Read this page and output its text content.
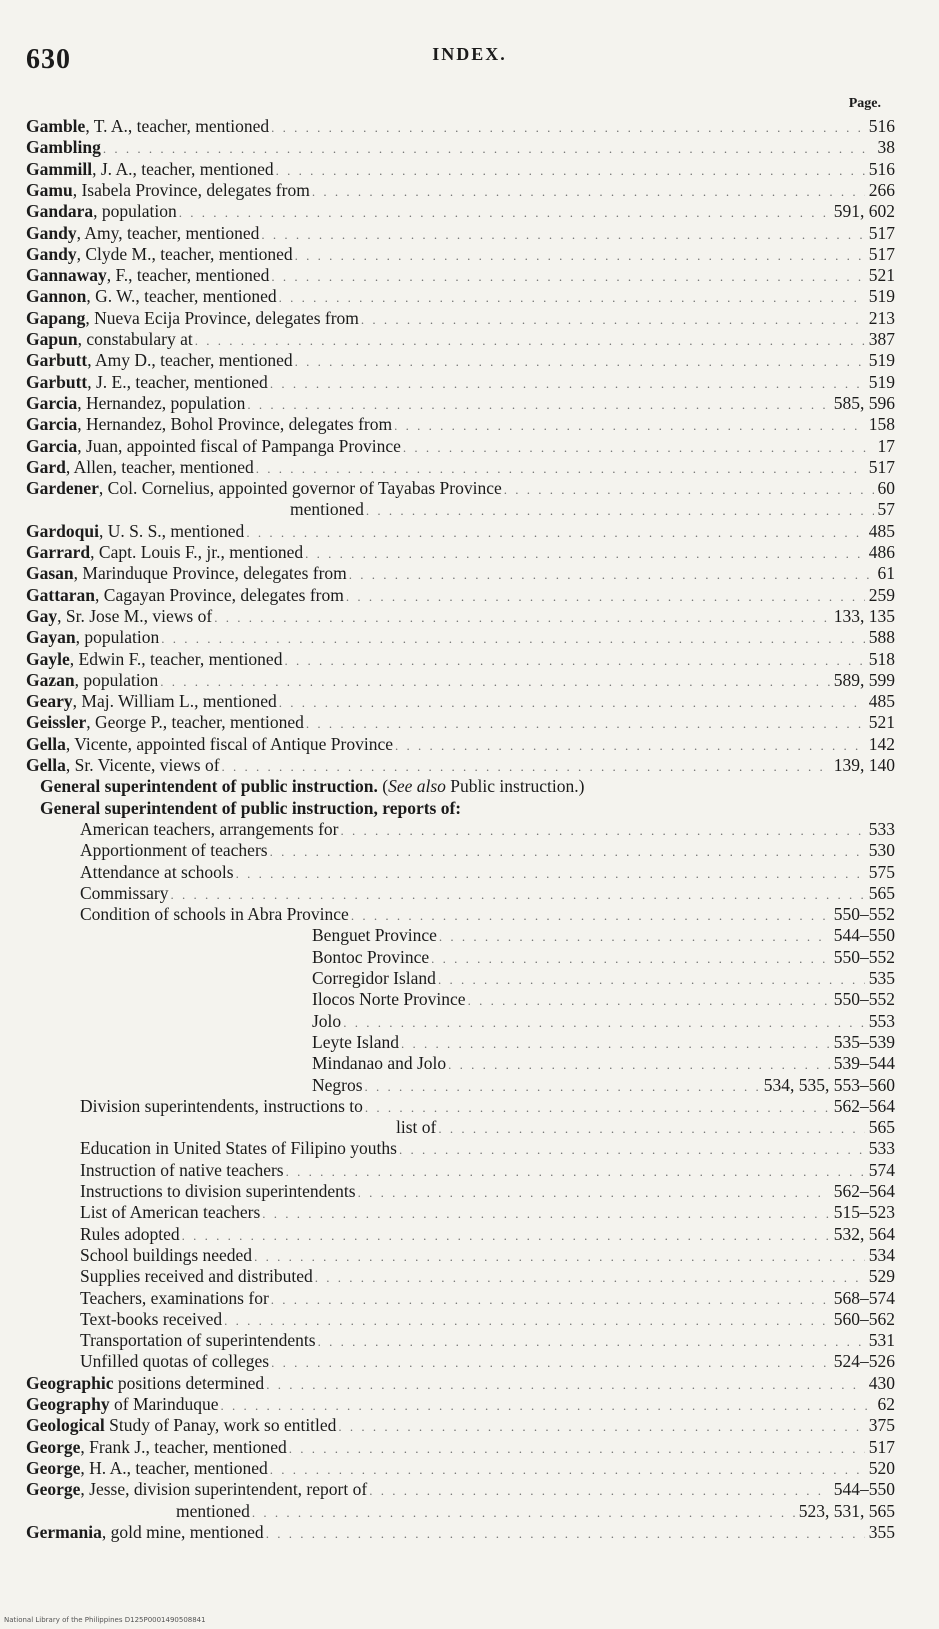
630	INDEX.
Page.
Gamble, T. A., teacher, mentioned . . .	516
Gambling . . .	38
Gammill, J. A., teacher, mentioned . . .	516
Gamu, Isabela Province, delegates from . . .	266
Gandara, population . . .	591, 602
Gandy, Amy, teacher, mentioned . . .	517
Gandy, Clyde M., teacher, mentioned . . .	517
Gannaway, F., teacher, mentioned . . .	521
Gannon, G. W., teacher, mentioned . . .	519
Gapang, Nueva Ecija Province, delegates from . . .	213
Gapun, constabulary at . . .	387
Garbutt, Amy D., teacher, mentioned . . .	519
Garbutt, J. E., teacher, mentioned . . .	519
Garcia, Hernandez, population . . .	585, 596
Garcia, Hernandez, Bohol Province, delegates from . . .	158
Garcia, Juan, appointed fiscal of Pampanga Province . . .	17
Gard, Allen, teacher, mentioned . . .	517
Gardener, Col. Cornelius, appointed governor of Tayabas Province . . .	60
mentioned . . .	57
Gardoqui, U. S. S., mentioned . . .	485
Garrard, Capt. Louis F., jr., mentioned . . .	486
Gasan, Marinduque Province, delegates from . . .	61
Gattaran, Cagayan Province, delegates from . . .	259
Gay, Sr. Jose M., views of . . .	133, 135
Gayan, population . . .	588
Gayle, Edwin F., teacher, mentioned . . .	518
Gazan, population . . .	589, 599
Geary, Maj. William L., mentioned . . .	485
Geissler, George P., teacher, mentioned . . .	521
Gella, Vicente, appointed fiscal of Antique Province . . .	142
Gella, Sr. Vicente, views of . . .	139, 140
General superintendent of public instruction. (See also Public instruction.)
General superintendent of public instruction, reports of:
American teachers, arrangements for . . .	533
Apportionment of teachers . . .	530
Attendance at schools . . .	575
Commissary . . .	565
Condition of schools in Abra Province . . .	550–552
Benguet Province . . .	544–550
Bontoc Province . . .	550–552
Corregidor Island . . .	535
Ilocos Norte Province . . .	550–552
Jolo . . .	553
Leyte Island . . .	535–539
Mindanao and Jolo . . .	539–544
Negros . . .	534, 535, 553–560
Division superintendents, instructions to . . .	562–564
list of . . .	565
Education in United States of Filipino youths . . .	533
Instruction of native teachers . . .	574
Instructions to division superintendents . . .	562–564
List of American teachers . . .	515–523
Rules adopted . . .	532, 564
School buildings needed . . .	534
Supplies received and distributed . . .	529
Teachers, examinations for . . .	568–574
Text-books received . . .	560–562
Transportation of superintendents . . .	531
Unfilled quotas of colleges . . .	524–526
Geographic positions determined . . .	430
Geography of Marinduque . . .	62
Geological Study of Panay, work so entitled . . .	375
George, Frank J., teacher, mentioned . . .	517
George, H. A., teacher, mentioned . . .	520
George, Jesse, division superintendent, report of . . .	544–550
mentioned . . .	523, 531, 565
Germania, gold mine, mentioned . . .	355
National Library of the Philippines D125P0001490508841
